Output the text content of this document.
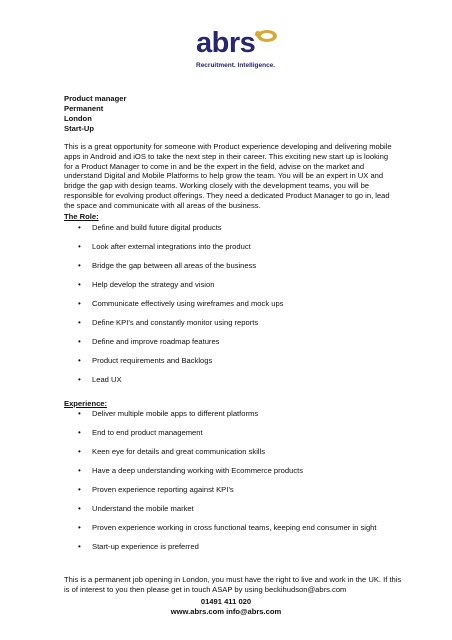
abrs
Recruitment. Intelligence.
Product manager
Permanent
London
Start-Up
This is a great opportunity for someone with Product experience developing and delivering mobile apps in Android and iOS to take the next step in their career. This exciting new start up is looking for a Product Manager to come in and be the expert in the field, advise on the market and understand Digital and Mobile Platforms to help grow the team. You will be an expert in UX and bridge the gap with design teams. Working closely with the development teams, you will be responsible for evolving product offerings. They need a dedicated Product Manager to go in, lead the space and communicate with all areas of the business.
The Role:
• Define and build future digital products
• Look after external integrations into the product
• Bridge the gap between all areas of the business
• Help develop the strategy and vision
• Communicate effectively using wireframes and mock ups
• Define KPI’s and constantly monitor using reports
• Define and improve roadmap features
• Product requirements and Backlogs
• Lead UX
Experience:
• Deliver multiple mobile apps to different platforms
• End to end product management
• Keen eye for details and great communication skills
• Have a deep understanding working with Ecommerce products
• Proven experience reporting against KPI’s
• Understand the mobile market
• Proven experience working in cross functional teams, keeping end consumer in sight
• Start-up experience is preferred
This is a permanent job opening in London, you must have the right to live and work in the UK. If this is of interest to you then please get in touch ASAP by using beckihudson@abrs.com
01491 411 020
www.abrs.com info@abrs.com
